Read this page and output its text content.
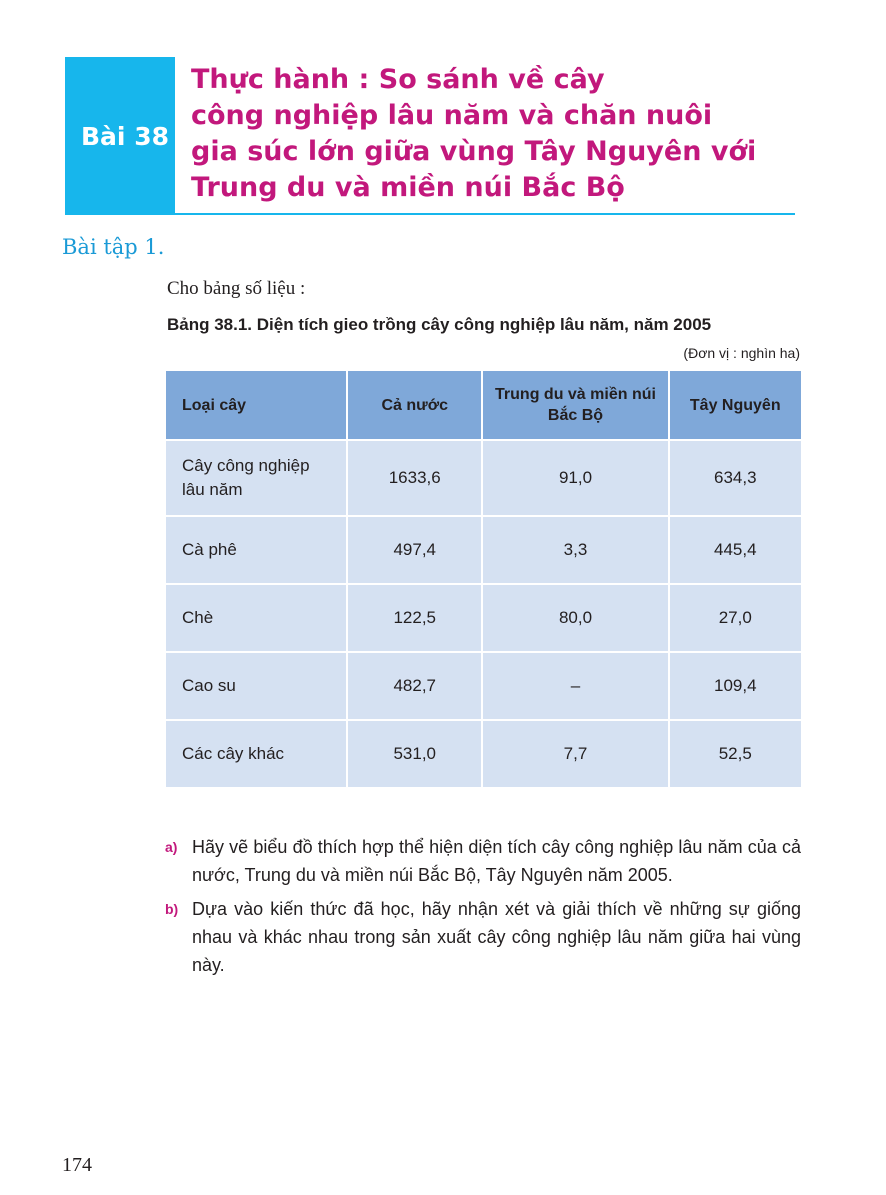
Bài 38
Thực hành : So sánh về cây
công nghiệp lâu năm và chăn nuôi
gia súc lớn giữa vùng Tây Nguyên với
Trung du và miền núi Bắc Bộ
Bài tập 1.
Cho bảng số liệu :
Bảng 38.1. Diện tích gieo trồng cây công nghiệp lâu năm, năm 2005
(Đơn vị : nghìn ha)
Loại cây	Cả nước	Trung du và miền núi Bắc Bộ	Tây Nguyên
Cây công nghiệp lâu năm	1633,6	91,0	634,3
Cà phê	497,4	3,3	445,4
Chè	122,5	80,0	27,0
Cao su	482,7	–	109,4
Các cây khác	531,0	7,7	52,5
a) Hãy vẽ biểu đồ thích hợp thể hiện diện tích cây công nghiệp lâu năm của cả nước, Trung du và miền núi Bắc Bộ, Tây Nguyên năm 2005.
b) Dựa vào kiến thức đã học, hãy nhận xét và giải thích về những sự giống nhau và khác nhau trong sản xuất cây công nghiệp lâu năm giữa hai vùng này.
174
